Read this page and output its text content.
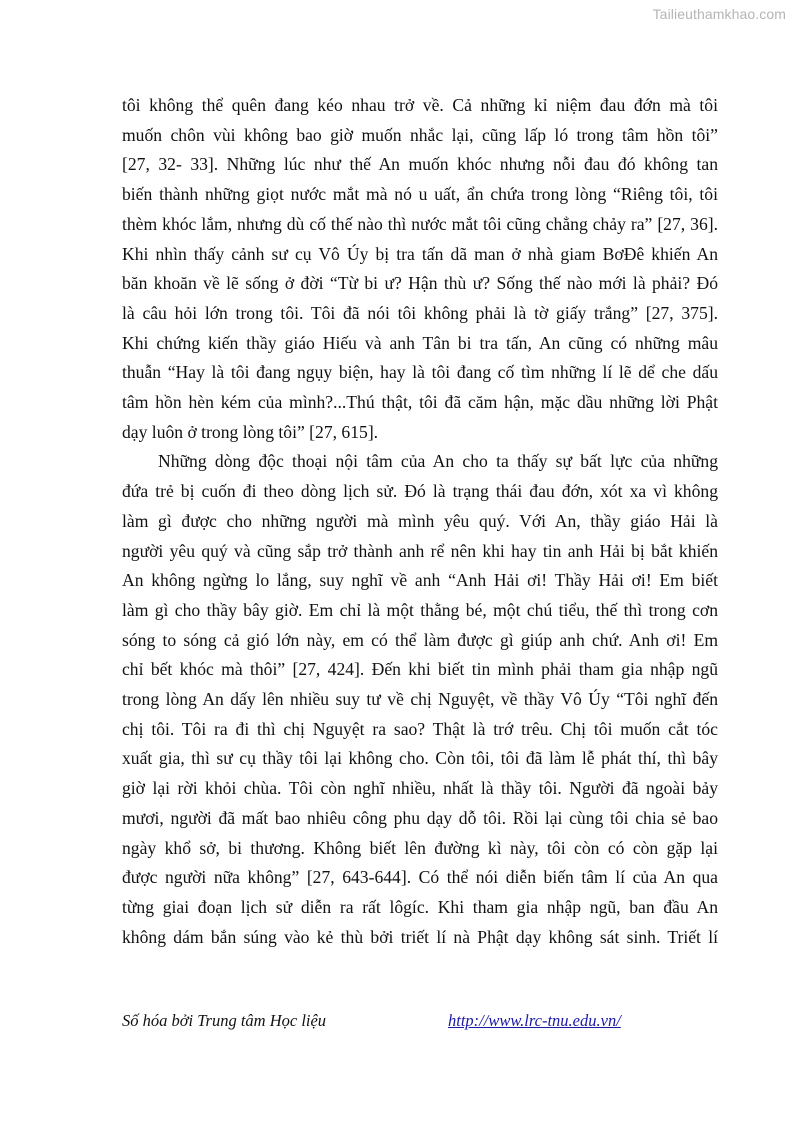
Tailieuthamkhao.com

tôi không thể quên đang kéo nhau trở về. Cả những kỉ niệm đau đớn mà tôi
muốn chôn vùi không bao giờ muốn nhắc lại, cũng lấp ló trong tâm hồn tôi”
[27, 32- 33]. Những lúc như thế An muốn khóc nhưng nỗi đau đó không tan
biến thành những giọt nước mắt mà nó u uất, ẩn chứa trong lòng “Riêng tôi, tôi
thèm khóc lắm, nhưng dù cố thế nào thì nước mắt tôi cũng chẳng chảy ra” [27, 36].
Khi nhìn thấy cảnh sư cụ Vô Úy bị tra tấn dã man ở nhà giam BơĐê khiến An
băn khoăn về lẽ sống ở đời “Từ bi ư? Hận thù ư? Sống thế nào mới là phải? Đó
là câu hỏi lớn trong tôi. Tôi đã nói tôi không phải là tờ giấy trắng” [27, 375].
Khi chứng kiến thầy giáo Hiếu và anh Tân bi tra tấn, An cũng có những mâu
thuẫn “Hay là tôi đang ngụy biện, hay là tôi đang cố tìm những lí lẽ dể che dấu
tâm hồn hèn kém của mình?...Thú thật, tôi đã căm hận, mặc dầu những lời Phật
dạy luôn ở trong lòng tôi” [27, 615].

Những dòng độc thoại nội tâm của An cho ta thấy sự bất lực của những
đứa trẻ bị cuốn đi theo dòng lịch sử. Đó là trạng thái đau đớn, xót xa vì không
làm gì được cho những người mà mình yêu quý. Với An, thầy giáo Hải là
người yêu quý và cũng sắp trở thành anh rể nên khi hay tin anh Hải bị bắt khiến
An không ngừng lo lắng, suy nghĩ về anh “Anh Hải ơi! Thầy Hải ơi! Em biết
làm gì cho thầy bây giờ. Em chỉ là một thằng bé, một chú tiểu, thế thì trong cơn
sóng to sóng cả gió lớn này, em có thể làm được gì giúp anh chứ. Anh ơi! Em
chỉ bết khóc mà thôi” [27, 424]. Đến khi biết tin mình phải tham gia nhập ngũ
trong lòng An dấy lên nhiều suy tư về chị Nguyệt, về thầy Vô Úy “Tôi nghĩ đến
chị tôi. Tôi ra đi thì chị Nguyệt ra sao? Thật là trớ trêu. Chị tôi muốn cắt tóc
xuất gia, thì sư cụ thầy tôi lại không cho. Còn tôi, tôi đã làm lễ phát thí, thì bây
giờ lại rời khỏi chùa. Tôi còn nghĩ nhiều, nhất là thầy tôi. Người đã ngoài bảy
mươi, người đã mất bao nhiêu công phu dạy dỗ tôi. Rồi lại cùng tôi chia sẻ bao
ngày khổ sở, bi thương. Không biết lên đường kì này, tôi còn có còn gặp lại
được người nữa không” [27, 643-644]. Có thể nói diễn biến tâm lí của An qua
từng giai đoạn lịch sử diễn ra rất lôgíc. Khi tham gia nhập ngũ, ban đầu An
không dám bắn súng vào kẻ thù bởi triết lí nà Phật dạy không sát sinh. Triết lí

Số hóa bởi Trung tâm Học liệu	http://www.lrc-tnu.edu.vn/
